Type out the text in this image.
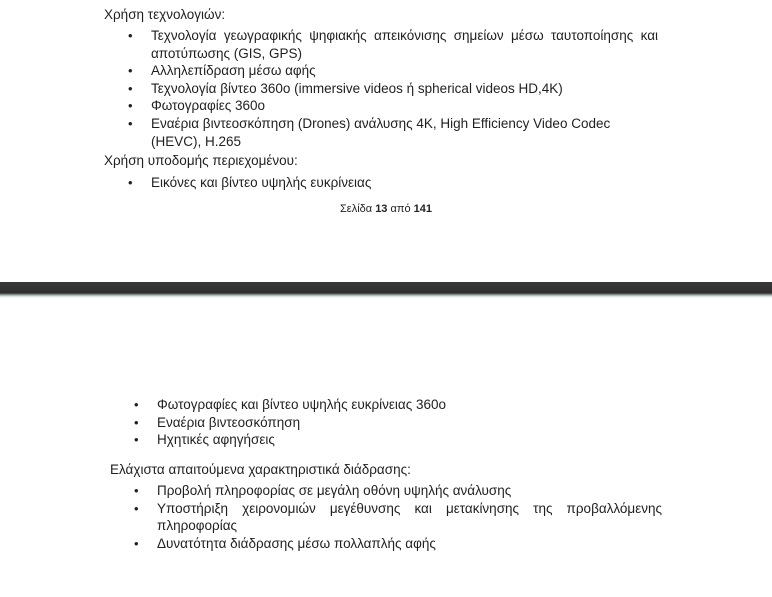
Χρήση τεχνολογιών:
• Τεχνολογία γεωγραφικής ψηφιακής απεικόνισης σημείων μέσω ταυτοποίησης και αποτύπωσης (GIS, GPS)
• Αλληλεπίδραση μέσω αφής
• Τεχνολογία βίντεο 360ο (immersive videos ή spherical videos HD,4K)
• Φωτογραφίες 360ο
• Εναέρια βιντεοσκόπηση (Drones) ανάλυσης 4K, High Efficiency Video Codec (HEVC), H.265
Χρήση υποδομής περιεχομένου:
• Εικόνες και βίντεο υψηλής ευκρίνειας
Σελίδα 13 από 141
• Φωτογραφίες και βίντεο υψηλής ευκρίνειας 360ο
• Εναέρια βιντεοσκόπηση
• Ηχητικές αφηγήσεις
Ελάχιστα απαιτούμενα χαρακτηριστικά διάδρασης:
• Προβολή πληροφορίας σε μεγάλη οθόνη υψηλής ανάλυσης
• Υποστήριξη χειρονομιών μεγέθυνσης και μετακίνησης της προβαλλόμενης πληροφορίας
• Δυνατότητα διάδρασης μέσω πολλαπλής αφής
